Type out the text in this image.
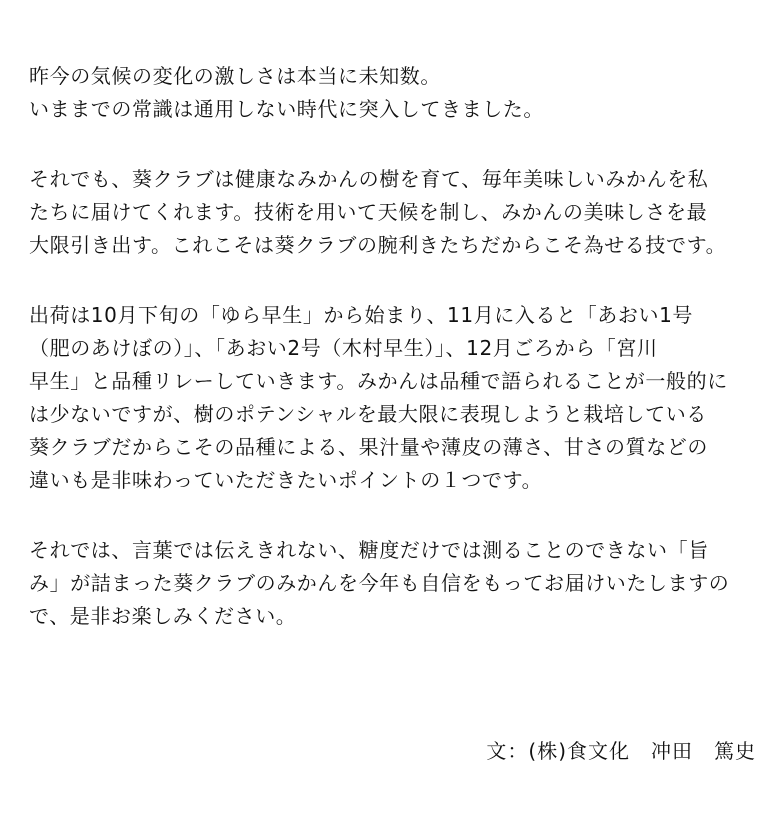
昨今の気候の変化の激しさは本当に未知数。
いままでの常識は通用しない時代に突入してきました。

それでも、葵クラブは健康なみかんの樹を育て、毎年美味しいみかんを私
たちに届けてくれます。技術を用いて天候を制し、みかんの美味しさを最
大限引き出す。これこそは葵クラブの腕利きたちだからこそ為せる技です。

出荷は10月下旬の「ゆら早生」から始まり、11月に入ると「あおい1号
（肥のあけぼの）」、「あおい2号（木村早生）」、12月ごろから「宮川
早生」と品種リレーしていきます。みかんは品種で語られることが一般的に
は少ないですが、樹のポテンシャルを最大限に表現しようと栽培している
葵クラブだからこその品種による、果汁量や薄皮の薄さ、甘さの質などの
違いも是非味わっていただきたいポイントの１つです。

それでは、言葉では伝えきれない、糖度だけでは測ることのできない「旨
み」が詰まった葵クラブのみかんを今年も自信をもってお届けいたしますの
で、是非お楽しみください。

文：(株)食文化　冲田　篤史
